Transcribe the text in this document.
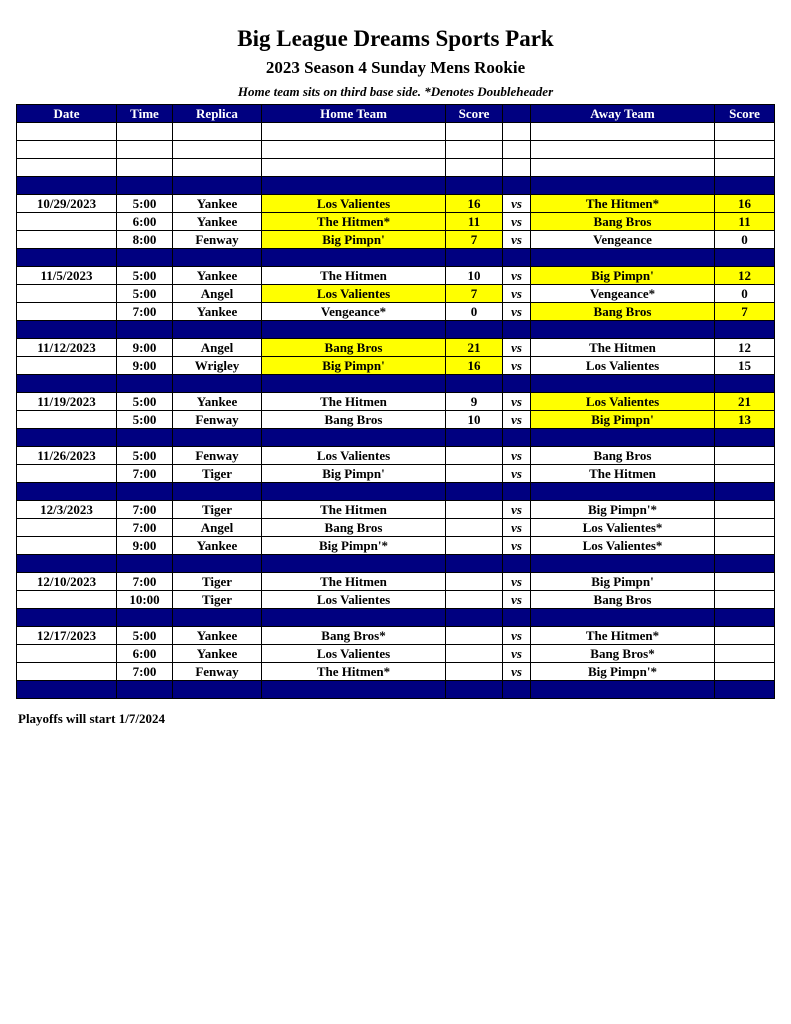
Big League Dreams Sports Park
2023 Season 4 Sunday Mens Rookie
Home team sits on third base side. *Denotes Doubleheader
Date	Time	Replica	Home Team	Score		Away Team	Score

10/29/2023	5:00	Yankee	Los Valientes	16	vs	The Hitmen*	16
	6:00	Yankee	The Hitmen*	11	vs	Bang Bros	11
	8:00	Fenway	Big Pimpn'	7	vs	Vengeance	0

11/5/2023	5:00	Yankee	The Hitmen	10	vs	Big Pimpn'	12
	5:00	Angel	Los Valientes	7	vs	Vengeance*	0
	7:00	Yankee	Vengeance*	0	vs	Bang Bros	7

11/12/2023	9:00	Angel	Bang Bros	21	vs	The Hitmen	12
	9:00	Wrigley	Big Pimpn'	16	vs	Los Valientes	15

11/19/2023	5:00	Yankee	The Hitmen	9	vs	Los Valientes	21
	5:00	Fenway	Bang Bros	10	vs	Big Pimpn'	13

11/26/2023	5:00	Fenway	Los Valientes		vs	Bang Bros	
	7:00	Tiger	Big Pimpn'		vs	The Hitmen	

12/3/2023	7:00	Tiger	The Hitmen		vs	Big Pimpn'*	
	7:00	Angel	Bang Bros		vs	Los Valientes*	
	9:00	Yankee	Big Pimpn'*		vs	Los Valientes*	

12/10/2023	7:00	Tiger	The Hitmen		vs	Big Pimpn'	
	10:00	Tiger	Los Valientes		vs	Bang Bros	

12/17/2023	5:00	Yankee	Bang Bros*		vs	The Hitmen*	
	6:00	Yankee	Los Valientes		vs	Bang Bros*	
	7:00	Fenway	The Hitmen*		vs	Big Pimpn'*	

Playoffs will start 1/7/2024
